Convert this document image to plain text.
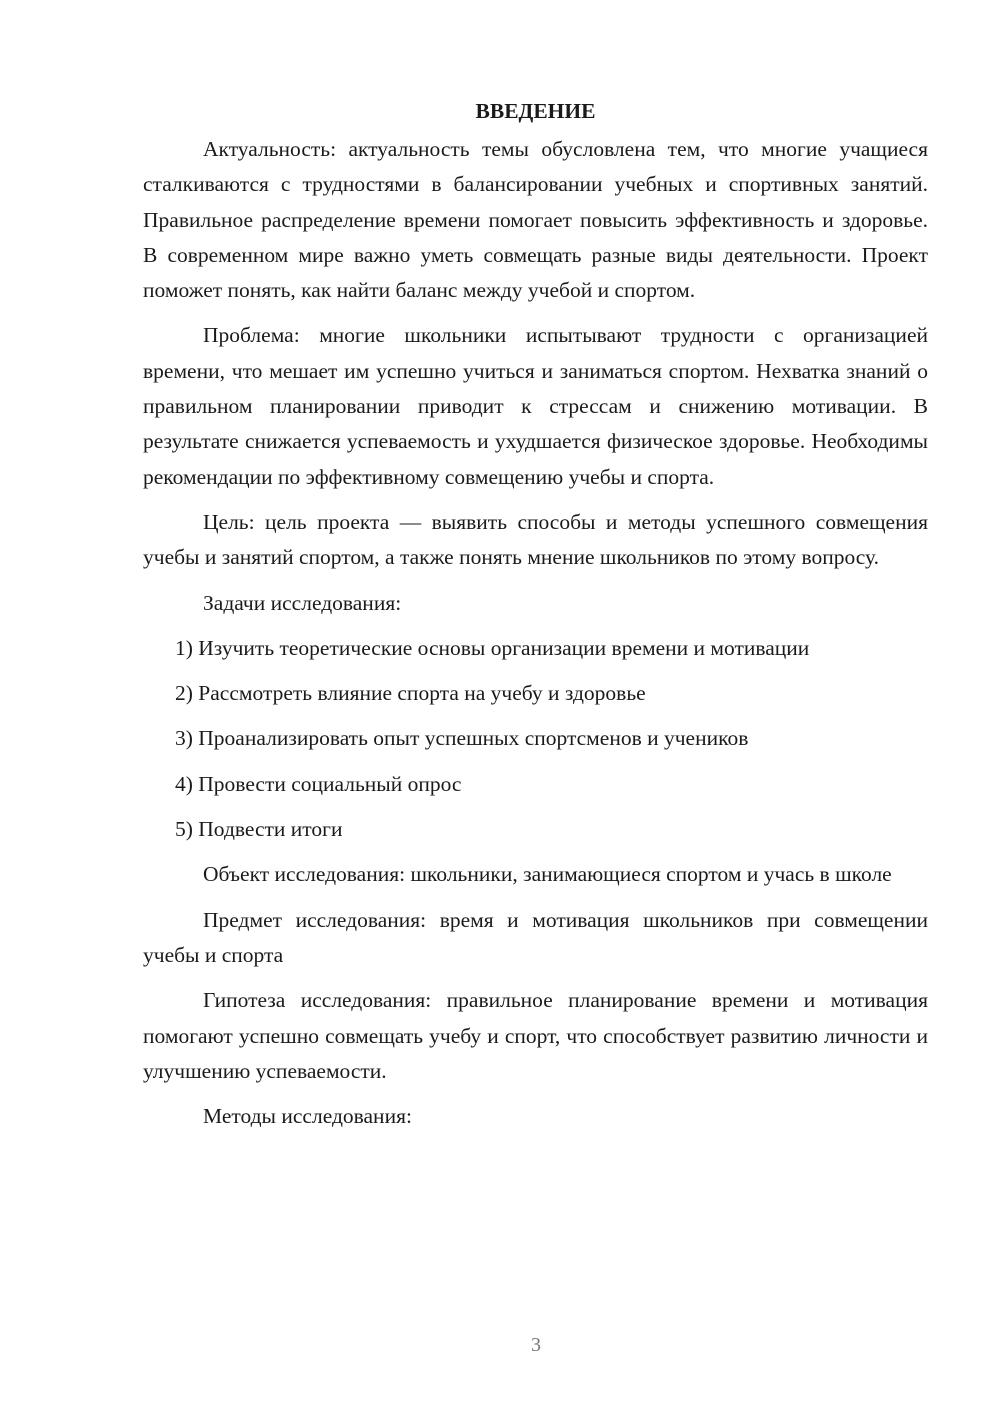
ВВЕДЕНИЕ

Актуальность: актуальность темы обусловлена тем, что многие учащиеся сталкиваются с трудностями в балансировании учебных и спортивных занятий. Правильное распределение времени помогает повысить эффективность и здоровье. В современном мире важно уметь совмещать разные виды деятельности. Проект поможет понять, как найти баланс между учебой и спортом.

Проблема: многие школьники испытывают трудности с организацией времени, что мешает им успешно учиться и заниматься спортом. Нехватка знаний о правильном планировании приводит к стрессам и снижению мотивации. В результате снижается успеваемость и ухудшается физическое здоровье. Необходимы рекомендации по эффективному совмещению учебы и спорта.

Цель: цель проекта — выявить способы и методы успешного совмещения учебы и занятий спортом, а также понять мнение школьников по этому вопросу.

Задачи исследования:

1) Изучить теоретические основы организации времени и мотивации
2) Рассмотреть влияние спорта на учебу и здоровье
3) Проанализировать опыт успешных спортсменов и учеников
4) Провести социальный опрос
5) Подвести итоги

Объект исследования: школьники, занимающиеся спортом и учась в школе

Предмет исследования: время и мотивация школьников при совмещении учебы и спорта

Гипотеза исследования: правильное планирование времени и мотивация помогают успешно совмещать учебу и спорт, что способствует развитию личности и улучшению успеваемости.

Методы исследования:

3
